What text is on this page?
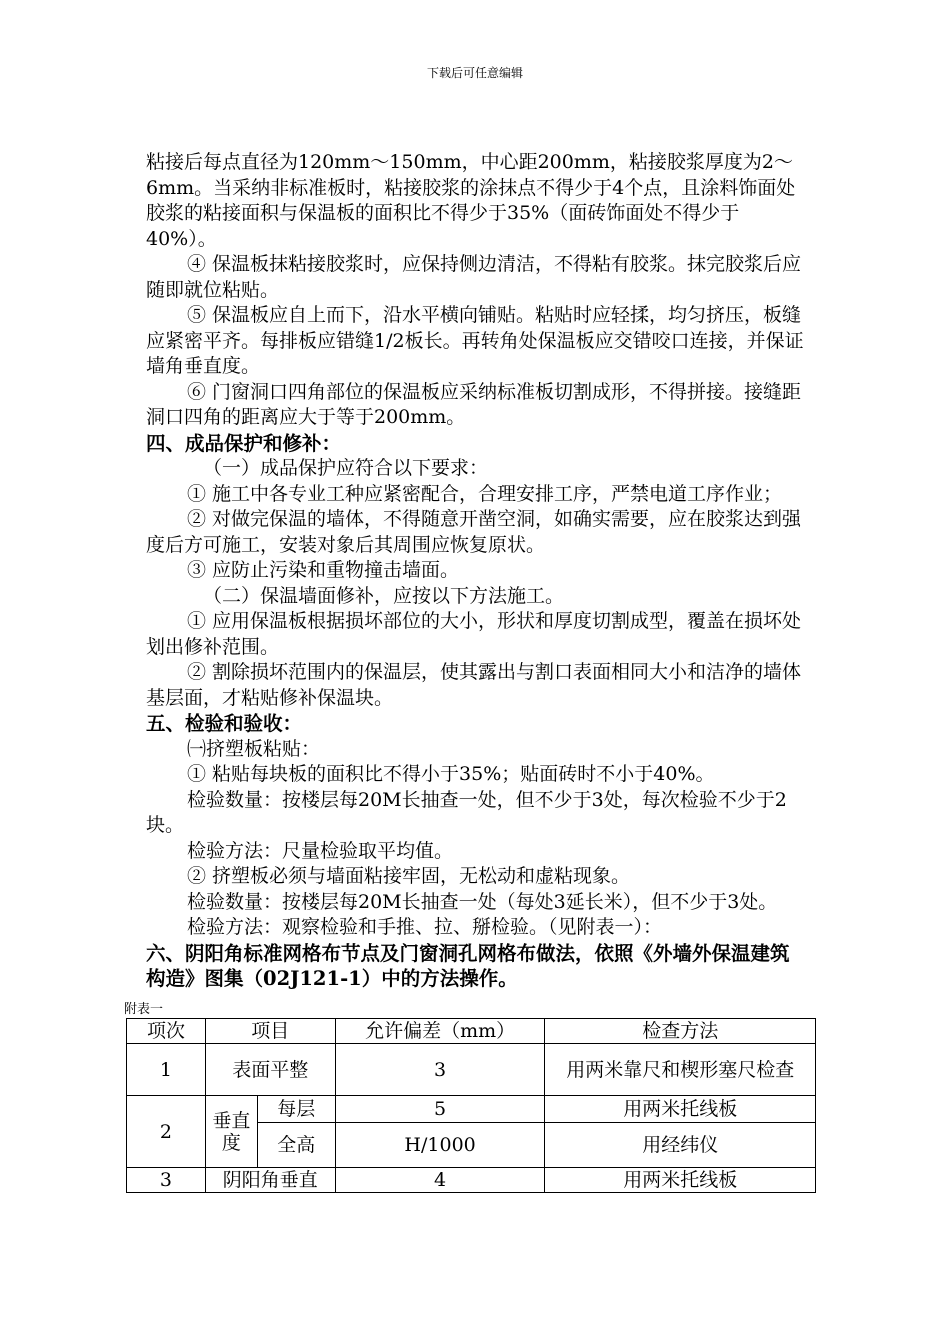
下载后可任意编辑

粘接后每点直径为120mm～150mm，中心距200mm，粘接胶浆厚度为2～6mm。当采纳非标准板时，粘接胶浆的涂抹点不得少于4个点，且涂料饰面处胶浆的粘接面积与保温板的面积比不得少于35%（面砖饰面处不得少于40%）。

④ 保温板抹粘接胶浆时，应保持侧边清洁，不得粘有胶浆。抹完胶浆后应随即就位粘贴。

⑤ 保温板应自上而下，沿水平横向铺贴。粘贴时应轻揉，均匀挤压，板缝应紧密平齐。每排板应错缝1/2板长。再转角处保温板应交错咬口连接，并保证墙角垂直度。

⑥ 门窗洞口四角部位的保温板应采纳标准板切割成形，不得拼接。接缝距洞口四角的距离应大于等于200mm。

四、成品保护和修补：

（一）成品保护应符合以下要求：

① 施工中各专业工种应紧密配合，合理安排工序，严禁电道工序作业；

② 对做完保温的墙体，不得随意开凿空洞，如确实需要，应在胶浆达到强度后方可施工，安装对象后其周围应恢复原状。

③ 应防止污染和重物撞击墙面。

（二）保温墙面修补，应按以下方法施工。

① 应用保温板根据损坏部位的大小，形状和厚度切割成型，覆盖在损坏处划出修补范围。

② 割除损坏范围内的保温层，使其露出与割口表面相同大小和洁净的墙体基层面，才粘贴修补保温块。

五、检验和验收：

㈠挤塑板粘贴：

① 粘贴每块板的面积比不得小于35%；贴面砖时不小于40%。

检验数量：按楼层每20M长抽查一处，但不少于3处，每次检验不少于2块。

检验方法：尺量检验取平均值。

② 挤塑板必须与墙面粘接牢固，无松动和虚粘现象。

检验数量：按楼层每20M长抽查一处（每处3延长米），但不少于3处。

检验方法：观察检验和手推、拉、掰检验。（见附表一）：

六、阴阳角标准网格布节点及门窗洞孔网格布做法，依照《外墙外保温建筑构造》图集（02J121-1）中的方法操作。
附表一
项次	项目		允许偏差（mm）	检查方法
1	表面平整		3	用两米靠尺和楔形塞尺检查
2	垂直度	每层	5	用两米托线板
		全高	H/1000	用经纬仪
3	阴阳角垂直		4	用两米托线板
